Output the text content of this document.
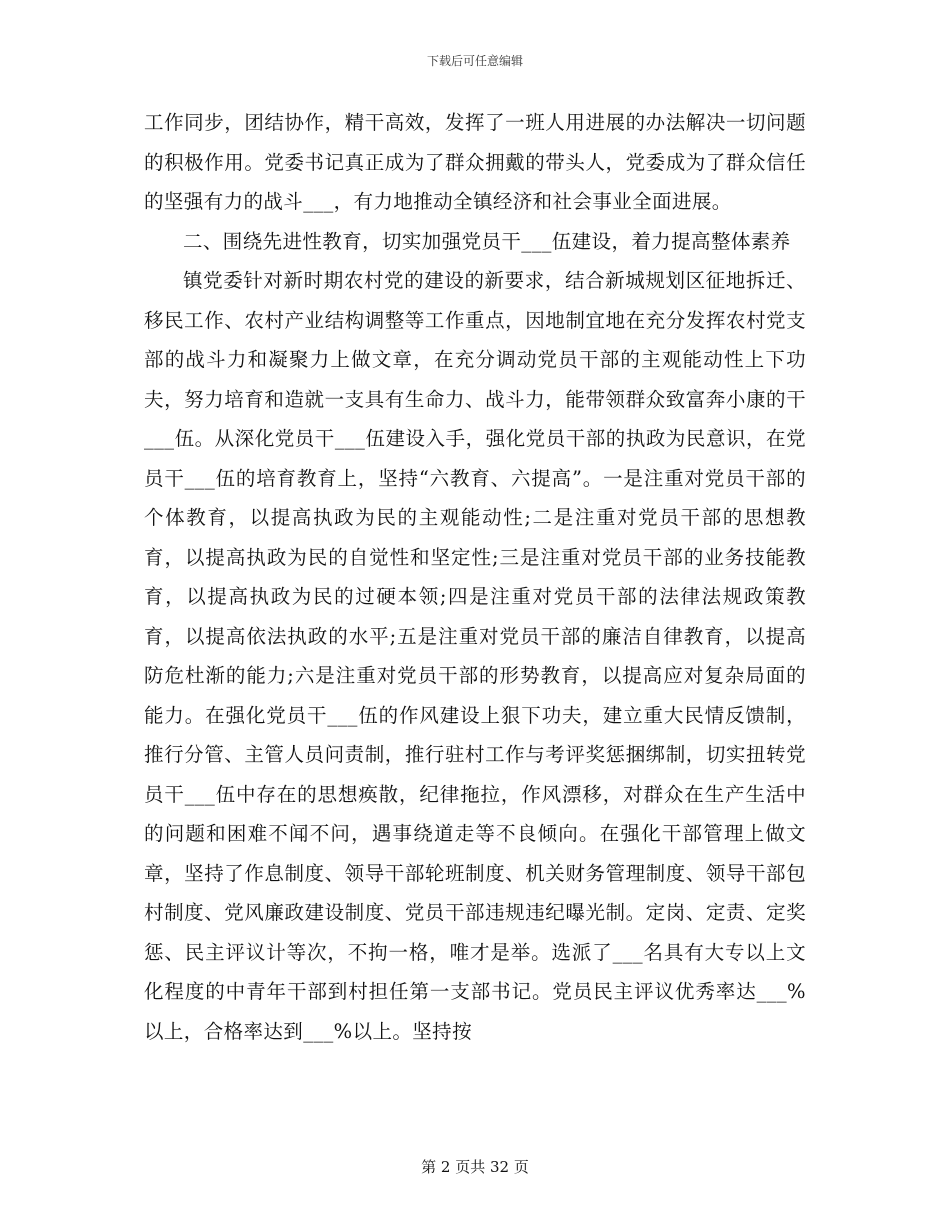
下载后可任意编辑

工作同步，团结协作，精干高效，发挥了一班人用进展的办法解决一切问题的积极作用。党委书记真正成为了群众拥戴的带头人，党委成为了群众信任的坚强有力的战斗___，有力地推动全镇经济和社会事业全面进展。

二、围绕先进性教育，切实加强党员干___伍建设，着力提高整体素养

镇党委针对新时期农村党的建设的新要求，结合新城规划区征地拆迁、移民工作、农村产业结构调整等工作重点，因地制宜地在充分发挥农村党支部的战斗力和凝聚力上做文章，在充分调动党员干部的主观能动性上下功夫，努力培育和造就一支具有生命力、战斗力，能带领群众致富奔小康的干___伍。从深化党员干___伍建设入手，强化党员干部的执政为民意识，在党员干___伍的培育教育上，坚持“六教育、六提高”。一是注重对党员干部的个体教育，以提高执政为民的主观能动性;二是注重对党员干部的思想教育，以提高执政为民的自觉性和坚定性;三是注重对党员干部的业务技能教育，以提高执政为民的过硬本领;四是注重对党员干部的法律法规政策教育，以提高依法执政的水平;五是注重对党员干部的廉洁自律教育，以提高防危杜渐的能力;六是注重对党员干部的形势教育，以提高应对复杂局面的能力。在强化党员干___伍的作风建设上狠下功夫，建立重大民情反馈制，推行分管、主管人员问责制，推行驻村工作与考评奖惩捆绑制，切实扭转党员干___伍中存在的思想痪散，纪律拖拉，作风漂移，对群众在生产生活中的问题和困难不闻不问，遇事绕道走等不良倾向。在强化干部管理上做文章，坚持了作息制度、领导干部轮班制度、机关财务管理制度、领导干部包村制度、党风廉政建设制度、党员干部违规违纪曝光制。定岗、定责、定奖惩、民主评议计等次，不拘一格，唯才是举。选派了___名具有大专以上文化程度的中青年干部到村担任第一支部书记。党员民主评议优秀率达___%以上，合格率达到___%以上。坚持按

第 2 页共 32 页
